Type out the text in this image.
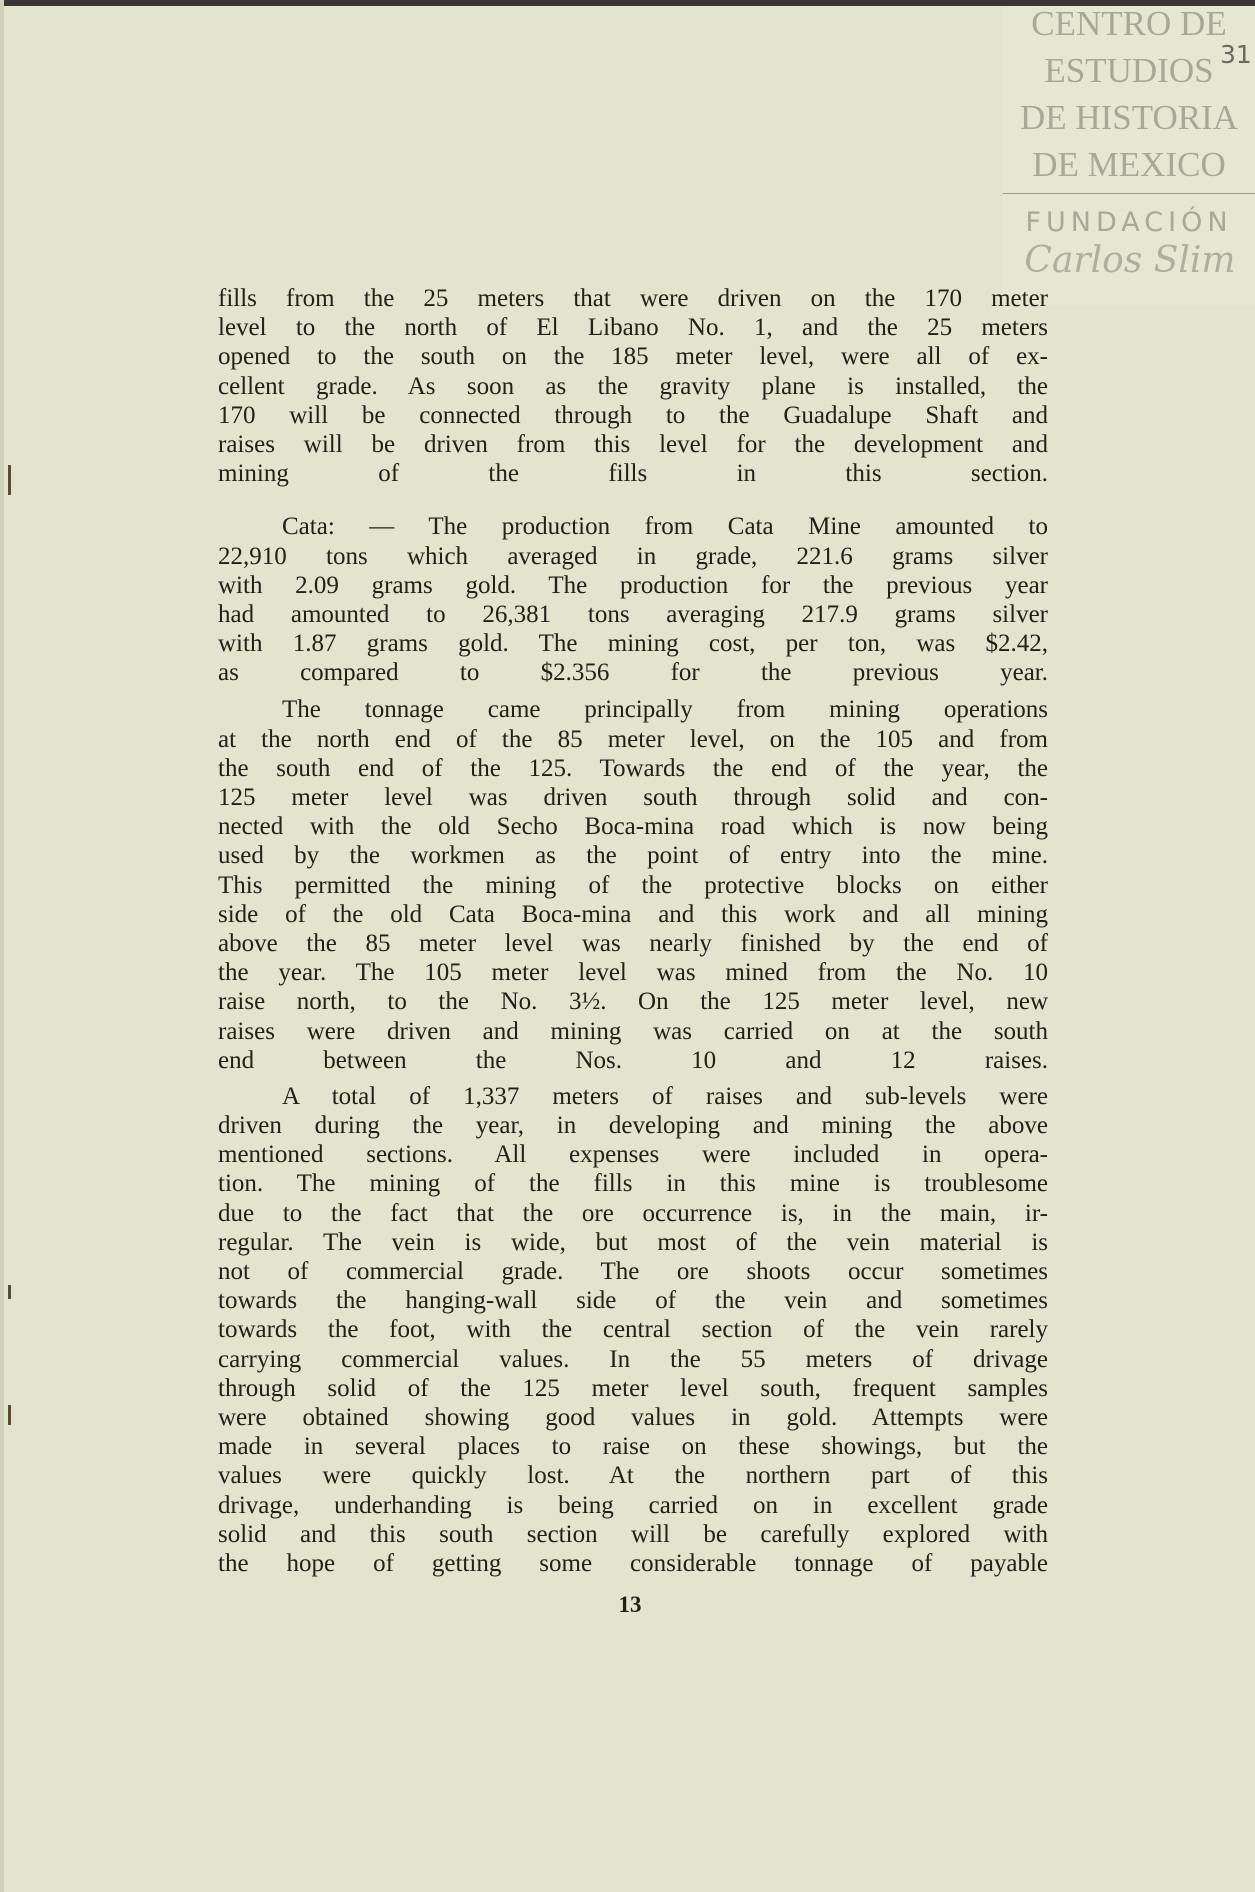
CENTRO DE
ESTUDIOS
DE HISTORIA
DE MEXICO
FUNDACIÓN
Carlos Slim
31
fills from the 25 meters that were driven on the 170 meter
level to the north of El Libano No. 1, and the 25 meters
opened to the south on the 185 meter level, were all of ex-
cellent grade. As soon as the gravity plane is installed, the
170 will be connected through to the Guadalupe Shaft and
raises will be driven from this level for the development and
mining of the fills in this section.
Cata: — The production from Cata Mine amounted to
22,910 tons which averaged in grade, 221.6 grams silver
with 2.09 grams gold. The production for the previous year
had amounted to 26,381 tons averaging 217.9 grams silver
with 1.87 grams gold. The mining cost, per ton, was $2.42,
as compared to $2.356 for the previous year.
The tonnage came principally from mining operations
at the north end of the 85 meter level, on the 105 and from
the south end of the 125. Towards the end of the year, the
125 meter level was driven south through solid and con-
nected with the old Secho Boca-mina road which is now being
used by the workmen as the point of entry into the mine.
This permitted the mining of the protective blocks on either
side of the old Cata Boca-mina and this work and all mining
above the 85 meter level was nearly finished by the end of
the year. The 105 meter level was mined from the No. 10
raise north, to the No. 3½. On the 125 meter level, new
raises were driven and mining was carried on at the south
end between the Nos. 10 and 12 raises.
A total of 1,337 meters of raises and sub-levels were
driven during the year, in developing and mining the above
mentioned sections. All expenses were included in opera-
tion. The mining of the fills in this mine is troublesome
due to the fact that the ore occurrence is, in the main, ir-
regular. The vein is wide, but most of the vein material is
not of commercial grade. The ore shoots occur sometimes
towards the hanging-wall side of the vein and sometimes
towards the foot, with the central section of the vein rarely
carrying commercial values. In the 55 meters of drivage
through solid of the 125 meter level south, frequent samples
were obtained showing good values in gold. Attempts were
made in several places to raise on these showings, but the
values were quickly lost. At the northern part of this
drivage, underhanding is being carried on in excellent grade
solid and this south section will be carefully explored with
the hope of getting some considerable tonnage of payable
13
